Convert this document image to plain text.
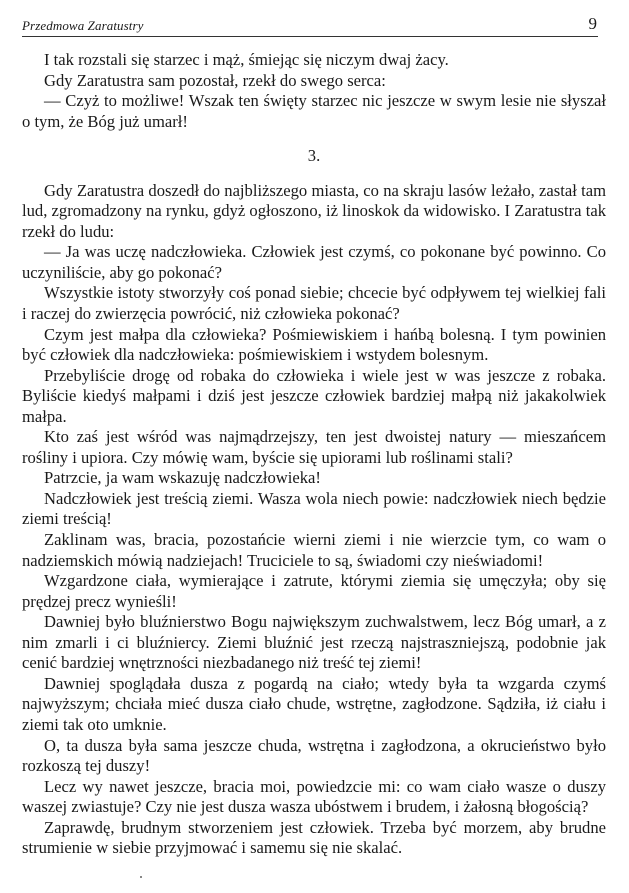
Przedmowa Zaratustry	9

I tak rozstali się starzec i mąż, śmiejąc się niczym dwaj żacy.

Gdy Zaratustra sam pozostał, rzekł do swego serca:

— Czyż to możliwe! Wszak ten święty starzec nic jeszcze w swym lesie nie słyszał o tym, że Bóg już umarł!

3.

Gdy Zaratustra doszedł do najbliższego miasta, co na skraju lasów leżało, zastał tam lud, zgromadzony na rynku, gdyż ogłoszono, iż linoskok da widowisko. I Zaratustra tak rzekł do ludu:

— Ja was uczę nadczłowieka. Człowiek jest czymś, co pokonane być powinno. Co uczyniliście, aby go pokonać?

Wszystkie istoty stworzyły coś ponad siebie; chcecie być odpływem tej wielkiej fali i raczej do zwierzęcia powrócić, niż człowieka pokonać?

Czym jest małpa dla człowieka? Pośmiewiskiem i hańbą bolesną. I tym powinien być człowiek dla nadczłowieka: pośmiewiskiem i wstydem bolesnym.

Przebyliście drogę od robaka do człowieka i wiele jest w was jeszcze z robaka. Byliście kiedyś małpami i dziś jest jeszcze człowiek bardziej małpą niż jakakolwiek małpa.

Kto zaś jest wśród was najmądrzejszy, ten jest dwoistej natury — mieszańcem rośliny i upiora. Czy mówię wam, byście się upiorami lub roślinami stali?

Patrzcie, ja wam wskazuję nadczłowieka!

Nadczłowiek jest treścią ziemi. Wasza wola niech powie: nadczłowiek niech będzie ziemi treścią!

Zaklinam was, bracia, pozostańcie wierni ziemi i nie wierzcie tym, co wam o nadziemskich mówią nadziejach! Truciciele to są, świadomi czy nieświadomi!

Wzgardzone ciała, wymierające i zatrute, którymi ziemia się umęczyła; oby się prędzej precz wynieśli!

Dawniej było bluźnierstwo Bogu największym zuchwalstwem, lecz Bóg umarł, a z nim zmarli i ci bluźniercy. Ziemi bluźnić jest rzeczą najstraszniejszą, podobnie jak cenić bardziej wnętrzności niezbadanego niż treść tej ziemi!

Dawniej spoglądała dusza z pogardą na ciało; wtedy była ta wzgarda czymś najwyższym; chciała mieć dusza ciało chude, wstrętne, zagłodzone. Sądziła, iż ciału i ziemi tak oto umknie.

O, ta dusza była sama jeszcze chuda, wstrętna i zagłodzona, a okrucieństwo było rozkoszą tej duszy!

Lecz wy nawet jeszcze, bracia moi, powiedzcie mi: co wam ciało wasze o duszy waszej zwiastuje? Czy nie jest dusza wasza ubóstwem i brudem, i żałosną błogością?

Zaprawdę, brudnym stworzeniem jest człowiek. Trzeba być morzem, aby brudne strumienie w siebie przyjmować i samemu się nie skalać.
